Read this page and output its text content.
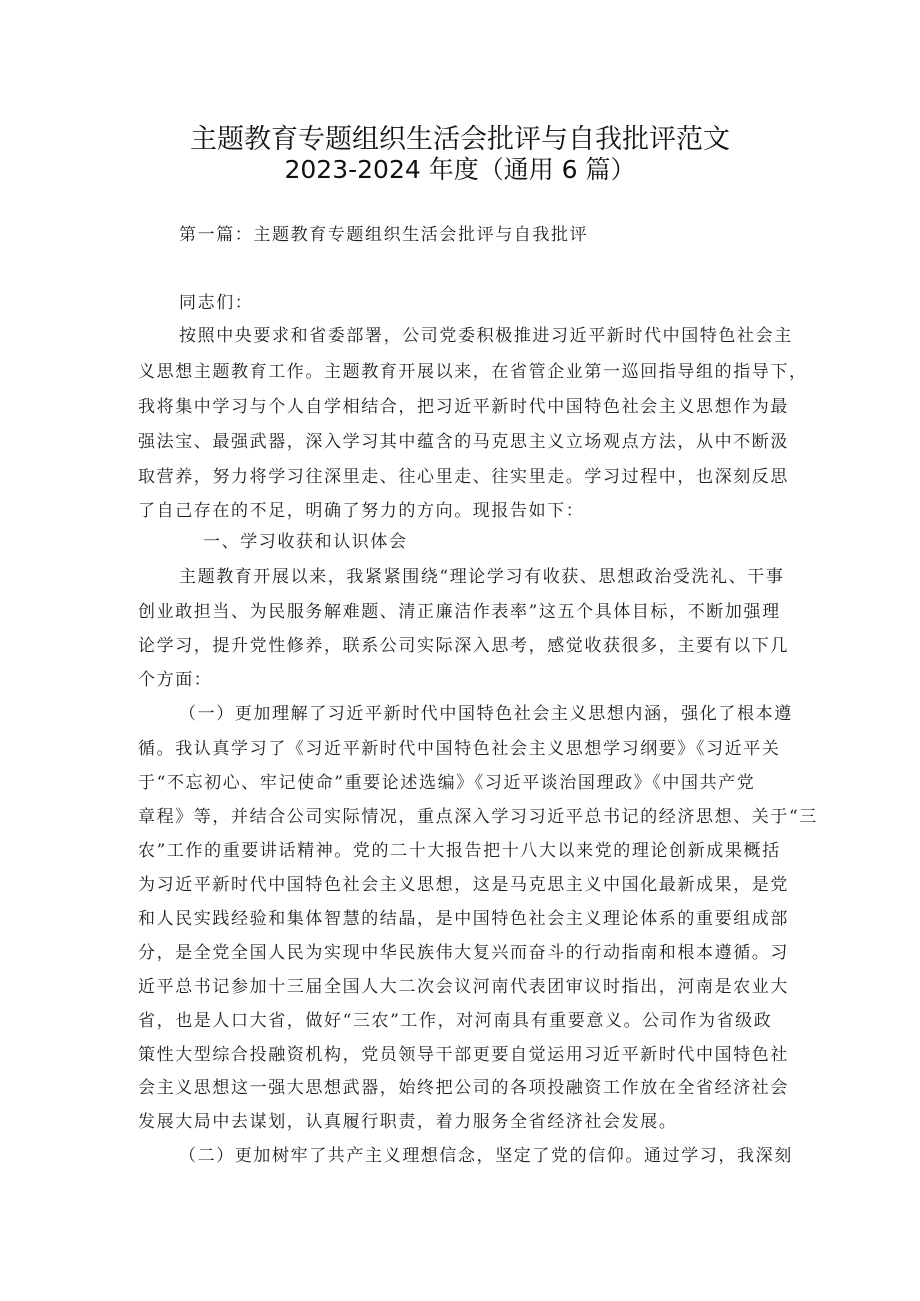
主题教育专题组织生活会批评与自我批评范文
2023-2024 年度（通用 6 篇）
第一篇：主题教育专题组织生活会批评与自我批评
同志们：
按照中央要求和省委部署，公司党委积极推进习近平新时代中国特色社会主
义思想主题教育工作。主题教育开展以来，在省管企业第一巡回指导组的指导下，
我将集中学习与个人自学相结合，把习近平新时代中国特色社会主义思想作为最
强法宝、最强武器，深入学习其中蕴含的马克思主义立场观点方法，从中不断汲
取营养，努力将学习往深里走、往心里走、往实里走。学习过程中，也深刻反思
了自己存在的不足，明确了努力的方向。现报告如下：
一、学习收获和认识体会
主题教育开展以来，我紧紧围绕“理论学习有收获、思想政治受洗礼、干事
创业敢担当、为民服务解难题、清正廉洁作表率”这五个具体目标，不断加强理
论学习，提升党性修养，联系公司实际深入思考，感觉收获很多，主要有以下几
个方面：
（一）更加理解了习近平新时代中国特色社会主义思想内涵，强化了根本遵
循。我认真学习了《习近平新时代中国特色社会主义思想学习纲要》《习近平关
于“不忘初心、牢记使命”重要论述选编》《习近平谈治国理政》《中国共产党
章程》等，并结合公司实际情况，重点深入学习习近平总书记的经济思想、关于“三
农”工作的重要讲话精神。党的二十大报告把十八大以来党的理论创新成果概括
为习近平新时代中国特色社会主义思想，这是马克思主义中国化最新成果，是党
和人民实践经验和集体智慧的结晶，是中国特色社会主义理论体系的重要组成部
分，是全党全国人民为实现中华民族伟大复兴而奋斗的行动指南和根本遵循。习
近平总书记参加十三届全国人大二次会议河南代表团审议时指出，河南是农业大
省，也是人口大省，做好“三农”工作，对河南具有重要意义。公司作为省级政
策性大型综合投融资机构，党员领导干部更要自觉运用习近平新时代中国特色社
会主义思想这一强大思想武器，始终把公司的各项投融资工作放在全省经济社会
发展大局中去谋划，认真履行职责，着力服务全省经济社会发展。
（二）更加树牢了共产主义理想信念，坚定了党的信仰。通过学习，我深刻
